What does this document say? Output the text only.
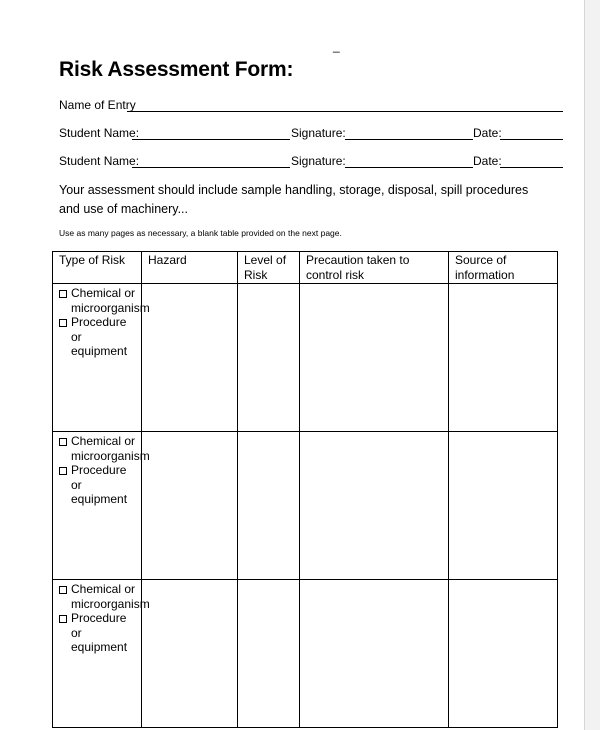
_
Risk Assessment Form:
Name of Entry
Student Name:	Signature:	Date:
Student Name:	Signature:	Date:
Your assessment should include sample handling, storage, disposal, spill procedures and use of machinery...
Use as many pages as necessary, a blank table provided on the next page.
Type of Risk	Hazard	Level of Risk	Precaution taken to control risk	Source of information

Chemical or
microorganism
Procedure or
equipment				

Chemical or
microorganism
Procedure or
equipment				

Chemical or
microorganism
Procedure or
equipment				
